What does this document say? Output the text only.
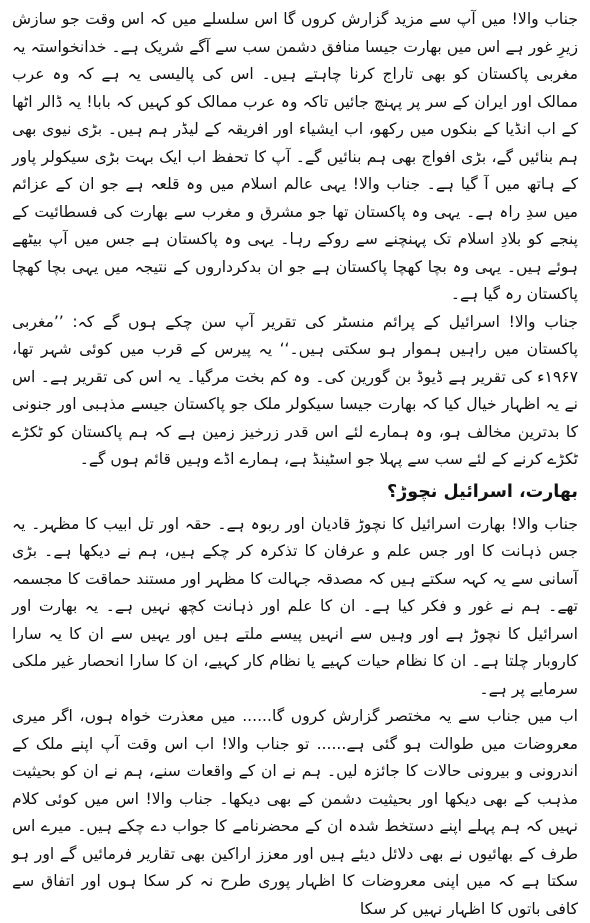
جناب والا! میں آپ سے مزید گزارش کروں گا اس سلسلے میں کہ اس وقت جو سازش زیرِ غور ہے اس میں بھارت جیسا منافق دشمن سب سے آگے شریک ہے۔ خدانخواستہ یہ مغربی پاکستان کو بھی تاراج کرنا چاہتے ہیں۔ اس کی پالیسی یہ ہے کہ وہ عرب ممالک اور ایران کے سر پر پہنچ جائیں تاکہ وہ عرب ممالک کو کہیں کہ بابا! یہ ڈالر اٹھا کے اب انڈیا کے بنکوں میں رکھو، اب ایشیاء اور افریقہ کے لیڈر ہم ہیں۔ بڑی نیوی بھی ہم بنائیں گے، بڑی افواج بھی ہم بنائیں گے۔ آپ کا تحفظ اب ایک بہت بڑی سیکولر پاور کے ہاتھ میں آ گیا ہے۔ جناب والا! یہی عالم اسلام میں وہ قلعہ ہے جو ان کے عزائم میں سدِ راہ ہے۔ یہی وہ پاکستان تھا جو مشرق و مغرب سے بھارت کی فسطائیت کے پنجے کو بلادِ اسلام تک پہنچنے سے روکے رہا۔ یہی وہ پاکستان ہے جس میں آپ بیٹھے ہوئے ہیں۔ یہی وہ بچا کھچا پاکستان ہے جو ان بدکرداروں کے نتیجہ میں یہی بچا کھچا پاکستان رہ گیا ہے۔

جناب والا! اسرائیل کے پرائم منسٹر کی تقریر آپ سن چکے ہوں گے کہ: ’’مغربی پاکستان میں راہیں ہموار ہو سکتی ہیں۔‘‘ یہ پیرس کے قرب میں کوئی شہر تھا، ۱۹۶۷ء کی تقریر ہے ڈیوڈ بن گورین کی۔ وہ کم بخت مرگیا۔ یہ اس کی تقریر ہے۔ اس نے یہ اظہار خیال کیا کہ بھارت جیسا سیکولر ملک جو پاکستان جیسے مذہبی اور جنونی کا بدترین مخالف ہو، وہ ہمارے لئے اس قدر زرخیز زمین ہے کہ ہم پاکستان کو ٹکڑے ٹکڑے کرنے کے لئے سب سے پہلا جو اسٹینڈ ہے، ہمارے اڈے وہیں قائم ہوں گے۔

بھارت، اسرائیل نچوڑ؟

جناب والا! بھارت اسرائیل کا نچوڑ قادیان اور ربوہ ہے۔ حقہ اور تل ابیب کا مظہر۔ یہ جس ذہانت کا اور جس علم و عرفان کا تذکرہ کر چکے ہیں، ہم نے دیکھا ہے۔ بڑی آسانی سے یہ کہہ سکتے ہیں کہ مصدقہ جہالت کا مظہر اور مستند حماقت کا مجسمہ تھے۔ ہم نے غور و فکر کیا ہے۔ ان کا علم اور ذہانت کچھ نہیں ہے۔ یہ بھارت اور اسرائیل کا نچوڑ ہے اور وہیں سے انہیں پیسے ملتے ہیں اور یہیں سے ان کا یہ سارا کاروبار چلتا ہے۔ ان کا نظام حیات کہیے یا نظام کار کہیے، ان کا سارا انحصار غیر ملکی سرمایے پر ہے۔

اب میں جناب سے یہ مختصر گزارش کروں گا...... میں معذرت خواہ ہوں، اگر میری معروضات میں طوالت ہو گئی ہے...... تو جناب والا! اب اس وقت آپ اپنے ملک کے اندرونی و بیرونی حالات کا جائزہ لیں۔ ہم نے ان کے واقعات سنے، ہم نے ان کو بحیثیت مذہب کے بھی دیکھا اور بحیثیت دشمن کے بھی دیکھا۔ جناب والا! اس میں کوئی کلام نہیں کہ ہم پہلے اپنے دستخط شدہ ان کے محضرنامے کا جواب دے چکے ہیں۔ میرے اس طرف کے بھائیوں نے بھی دلائل دیئے ہیں اور معزز اراکین بھی تقاریر فرمائیں گے اور ہو سکتا ہے کہ میں اپنی معروضات کا اظہار پوری طرح نہ کر سکا ہوں اور اتفاق سے کافی باتوں کا اظہار نہیں کر سکا
